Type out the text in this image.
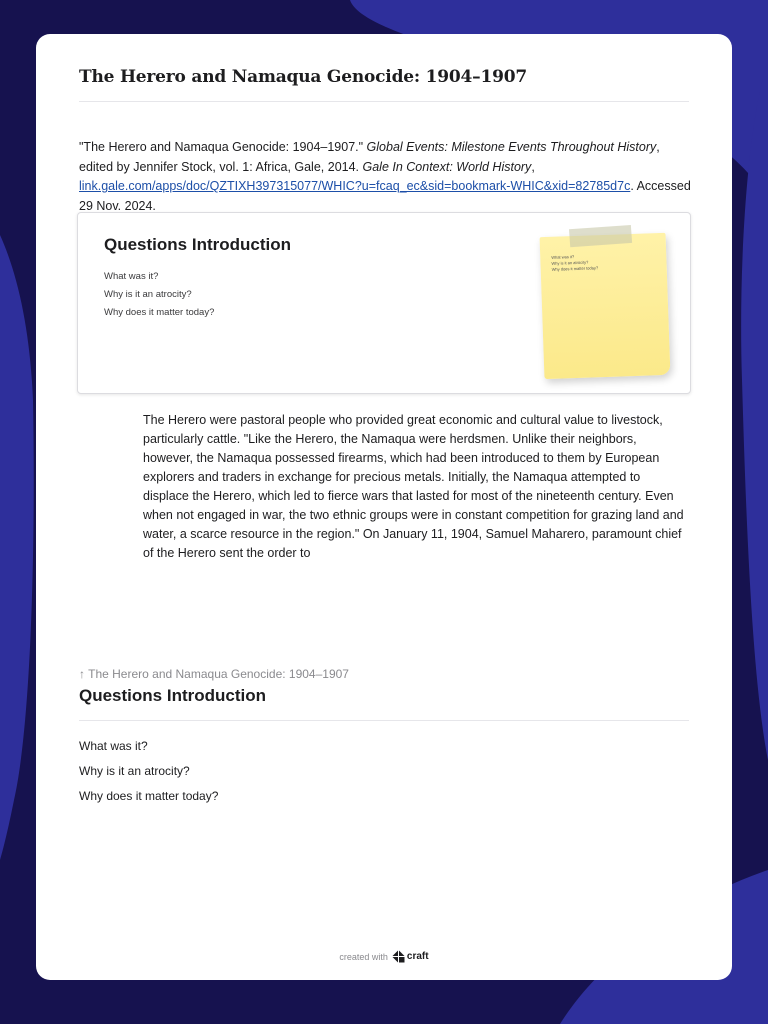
The Herero and Namaqua Genocide: 1904–1907

"The Herero and Namaqua Genocide: 1904–1907." Global Events: Milestone Events Throughout History, edited by Jennifer Stock, vol. 1: Africa, Gale, 2014. Gale In Context: World History, link.gale.com/apps/doc/QZTIXH397315077/WHIC?u=fcaq_ec&sid=bookmark-WHIC&xid=82785d7c. Accessed 29 Nov. 2024.

Questions Introduction
What was it?
Why is it an atrocity?
Why does it matter today?
What was it?
Why is it an atrocity?
Why does it matter today?

The Herero were pastoral people who provided great economic and cultural value to livestock, particularly cattle. "Like the Herero, the Namaqua were herdsmen. Unlike their neighbors, however, the Namaqua possessed firearms, which had been introduced to them by European explorers and traders in exchange for precious metals. Initially, the Namaqua attempted to displace the Herero, which led to fierce wars that lasted for most of the nineteenth century. Even when not engaged in war, the two ethnic groups were in constant competition for grazing land and water, a scarce resource in the region." On January 11, 1904, Samuel Maharero, paramount chief of the Herero sent the order to

↑ The Herero and Namaqua Genocide: 1904–1907

Questions Introduction
What was it?
Why is it an atrocity?
Why does it matter today?
created with craft
